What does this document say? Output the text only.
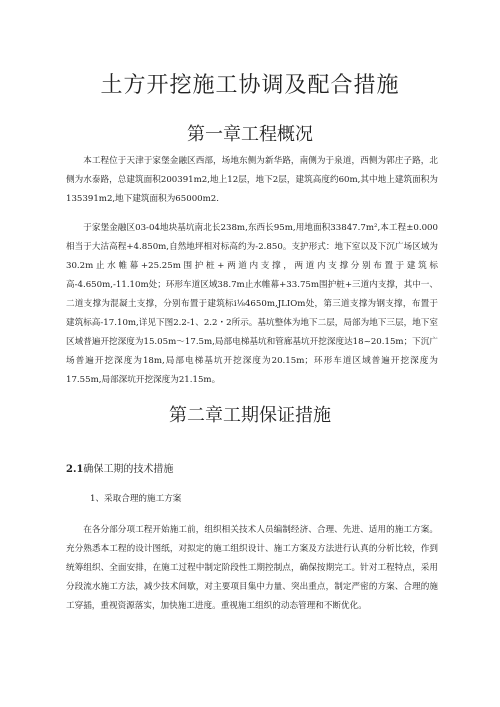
土方开挖施工协调及配合措施
第一章工程概况

本工程位于天津于家堡金融区西部，场地东侧为新华路，南侧为于泉道，西侧为郭庄子路，北侧为水泰路，总建筑面积200391m2,地上12层，地下2层，建筑高度约60m,其中地上建筑面积为135391m2,地下建筑面积为65000m2.

于家堡金融区03-04地块基坑南北长238m,东西长95m,用地面积33847.7m²,本工程±0.000相当于大沽高程+4.850m,自然地坪相对标高约为-2.850。支护形式：地下室以及下沉广场区域为30.2m止水帷幕+25.25m围护桩+两道内支撑，两道内支撑分别布置于建筑标高-4.650m,-11.10m处；环形车道区域38.7m止水帷幕+33.75m围护桩+三道内支撑，其中一、二道支撑为混凝土支撑，分别布置于建筑标i⅛4650m,JLIOm处，第三道支撑为钢支撑，布置于建筑标高-17.10m,详见下图2.2-1、2.2・2所示。基坑整体为地下二层，局部为地下三层，地下室区域普遍开挖深度为15.05m〜17.5m,局部电梯基坑和管廊基坑开挖深度达18~20.15m；下沉广场普遍开挖深度为18m,局部电梯基坑开挖深度为20.15m；环形车道区域普遍开挖深度为17.55m,局部深坑开挖深度为21.15m。

第二章工期保证措施
2.1确保工期的技术措施
1、采取合理的施工方案

在各分部分项工程开始施工前，组织相关技术人员编制经济、合理、先进、适用的施工方案。充分熟悉本工程的设计图纸，对拟定的施工组织设计、施工方案及方法进行认真的分析比较，作到统筹组织、全面安排，在施工过程中制定阶段性工期控制点，确保按期完工。针对工程特点，采用分段流水施工方法，减少技术间歇，对主要项目集中力量、突出重点，制定严密的方案、合理的施工穿插，重视资源落实，加快施工进度。重视施工组织的动态管理和不断优化。
